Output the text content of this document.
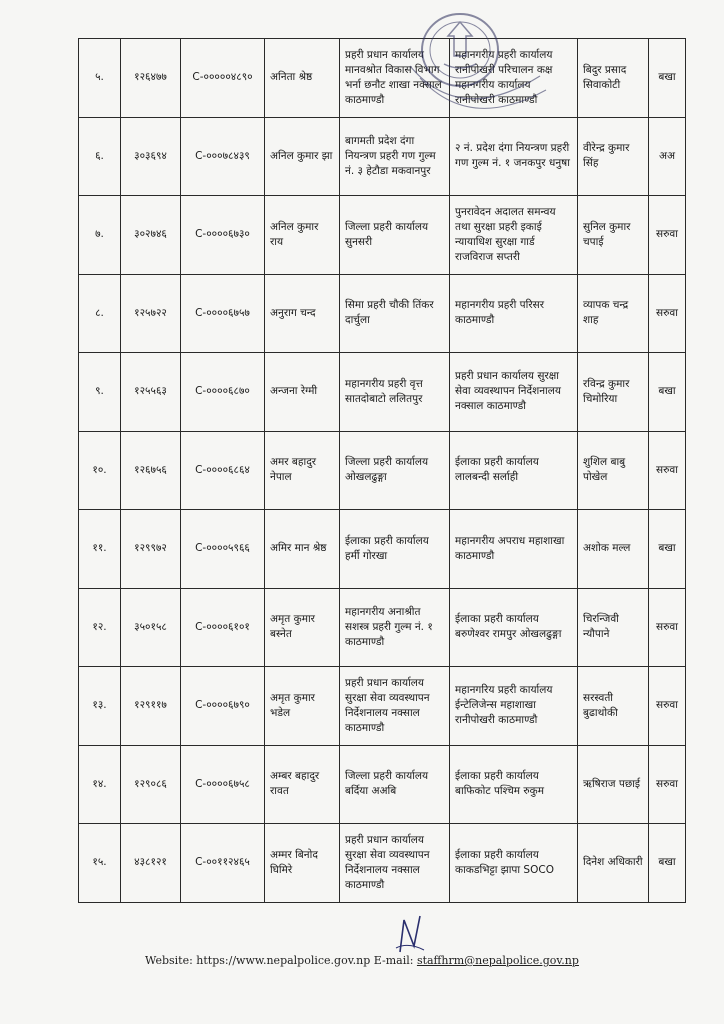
५.	१२६४७७	C-०००००४८९०	अनिता श्रेष्ठ	प्रहरी प्रधान कार्यालय मानवश्रोत विकास विभाग भर्ना छनौट शाखा नक्साल काठमाण्डौ	महानगरीय प्रहरी कार्यालय रानीपोखरी परिचालन कक्ष महानगरीय कार्यालय रानीपोखरी काठमाण्डौ	बिदुर प्रसाद सिवाकोटी	बखा
६.	३०३६९४	C-०००७८४३९	अनिल कुमार झा	बागमती प्रदेश दंगा नियन्त्रण प्रहरी गण गुल्म नं. ३ हेटौडा मकवानपुर	२ नं. प्रदेश दंगा नियन्त्रण प्रहरी गण गुल्म नं. १ जनकपुर धनुषा	वीरेन्द्र कुमार सिंह	अअ
७.	३०२७४६	C-००००६७३०	अनिल कुमार राय	जिल्ला प्रहरी कार्यालय सुनसरी	पुनरावेदन अदालत समन्वय तथा सुरक्षा प्रहरी इकाई न्यायाधिश सुरक्षा गार्ड राजविराज सप्तरी	सुनिल कुमार चपाई	सरुवा
८.	१२५७२२	C-००००६७५७	अनुराग चन्द	सिमा प्रहरी चौकी तिंकर दार्चुला	महानगरीय प्रहरी परिसर काठमाण्डौ	व्यापक चन्द्र शाह	सरुवा
९.	१२५५६३	C-००००६८७०	अन्जना रेग्मी	महानगरीय प्रहरी वृत्त सातदोबाटो ललितपुर	प्रहरी प्रधान कार्यालय सुरक्षा सेवा व्यवस्थापन निर्देशनालय नक्साल काठमाण्डौ	रविन्द्र कुमार चिमोरिया	बखा
१०.	१२६७५६	C-००००६८६४	अमर बहादुर नेपाल	जिल्ला प्रहरी कार्यालय ओखलढुङ्गा	ईलाका प्रहरी कार्यालय लालबन्दी सर्लाही	शुशिल बाबु पोखेल	सरुवा
११.	१२९९७२	C-००००५९६६	अमिर मान श्रेष्ठ	ईलाका प्रहरी कार्यालय हर्मी गोरखा	महानगरीय अपराध महाशाखा काठमाण्डौ	अशोक मल्ल	बखा
१२.	३५०१५८	C-००००६१०१	अमृत कुमार बस्नेत	महानगरीय अनाश्रीत सशस्त्र प्रहरी गुल्म नं. १ काठमाण्डौ	ईलाका प्रहरी कार्यालय बरुणेश्वर रामपुर ओखलढुङ्गा	चिरन्जिवी न्यौपाने	सरुवा
१३.	१२९११७	C-००००६७९०	अमृत कुमार भडेल	प्रहरी प्रधान कार्यालय सुरक्षा सेवा व्यवस्थापन निर्देशनालय नक्साल काठमाण्डौ	महानगरिय प्रहरी कार्यालय ईन्टेलिजेन्स महाशाखा रानीपोखरी काठमाण्डौ	सरस्वती बुढाथोकी	सरुवा
१४.	१२९०८६	C-००००६७५८	अम्बर बहादुर रावत	जिल्ला प्रहरी कार्यालय बर्दिया अअबि	ईलाका प्रहरी कार्यालय बाफिकोट पश्चिम रुकुम	ऋषिराज पछाई	सरुवा
१५.	४३८१२१	C-००११२४६५	अम्मर बिनोद घिमिरे	प्रहरी प्रधान कार्यालय सुरक्षा सेवा व्यवस्थापन निर्देशनालय नक्साल काठमाण्डौ	ईलाका प्रहरी कार्यालय काकडभिट्टा झापा SOCO	दिनेश अधिकारी	बखा
Website: https://www.nepalpolice.gov.np E-mail: staffhrm@nepalpolice.gov.np
